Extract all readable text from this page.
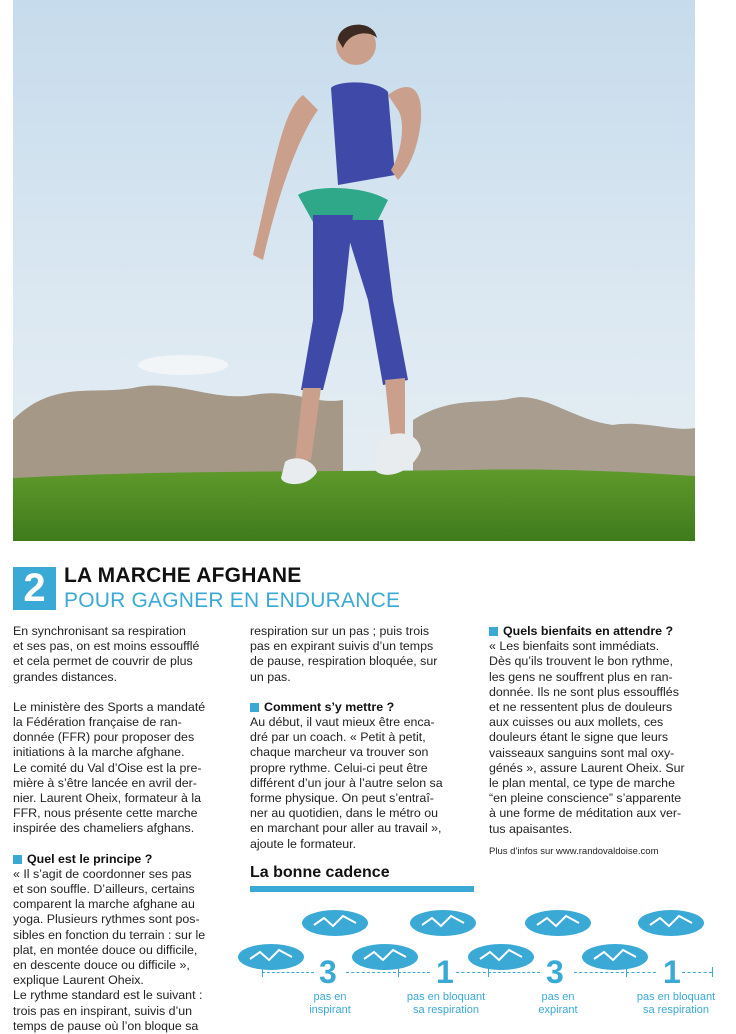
2 LA MARCHE AFGHANE
POUR GAGNER EN ENDURANCE

En synchronisant sa respiration
et ses pas, on est moins essoufflé
et cela permet de couvrir de plus
grandes distances.

Le ministère des Sports a mandaté
la Fédération française de ran-
donnée (FFR) pour proposer des
initiations à la marche afghane.
Le comité du Val d’Oise est la pre-
mière à s’être lancée en avril der-
nier. Laurent Oheix, formateur à la
FFR, nous présente cette marche
inspirée des chameliers afghans.

Quel est le principe ?

« Il s’agit de coordonner ses pas
et son souffle. D’ailleurs, certains
comparent la marche afghane au
yoga. Plusieurs rythmes sont pos-
sibles en fonction du terrain : sur le
plat, en montée douce ou difficile,
en descente douce ou difficile »,
explique Laurent Oheix.
Le rythme standard est le suivant :
trois pas en inspirant, suivis d’un
temps de pause où l’on bloque sa

respiration sur un pas ; puis trois
pas en expirant suivis d’un temps
de pause, respiration bloquée, sur
un pas.

Comment s’y mettre ?

Au début, il vaut mieux être enca-
dré par un coach. « Petit à petit,
chaque marcheur va trouver son
propre rythme. Celui-ci peut être
différent d’un jour à l’autre selon sa
forme physique. On peut s’entraî-
ner au quotidien, dans le métro ou
en marchant pour aller au travail »,
ajoute le formateur.

Quels bienfaits en attendre ?

« Les bienfaits sont immédiats.
Dès qu’ils trouvent le bon rythme,
les gens ne souffrent plus en ran-
donnée. Ils ne sont plus essoufflés
et ne ressentent plus de douleurs
aux cuisses ou aux mollets, ces
douleurs étant le signe que leurs
vaisseaux sanguins sont mal oxy-
génés », assure Laurent Oheix. Sur
le plan mental, ce type de marche
“en pleine conscience” s’apparente
à une forme de méditation aux ver-
tus apaisantes.

Plus d’infos sur www.randovaldoise.com
La bonne cadence
3	1	3	1
pas en
inspirant
pas en bloquant
sa respiration
pas en
expirant
pas en bloquant
sa respiration
